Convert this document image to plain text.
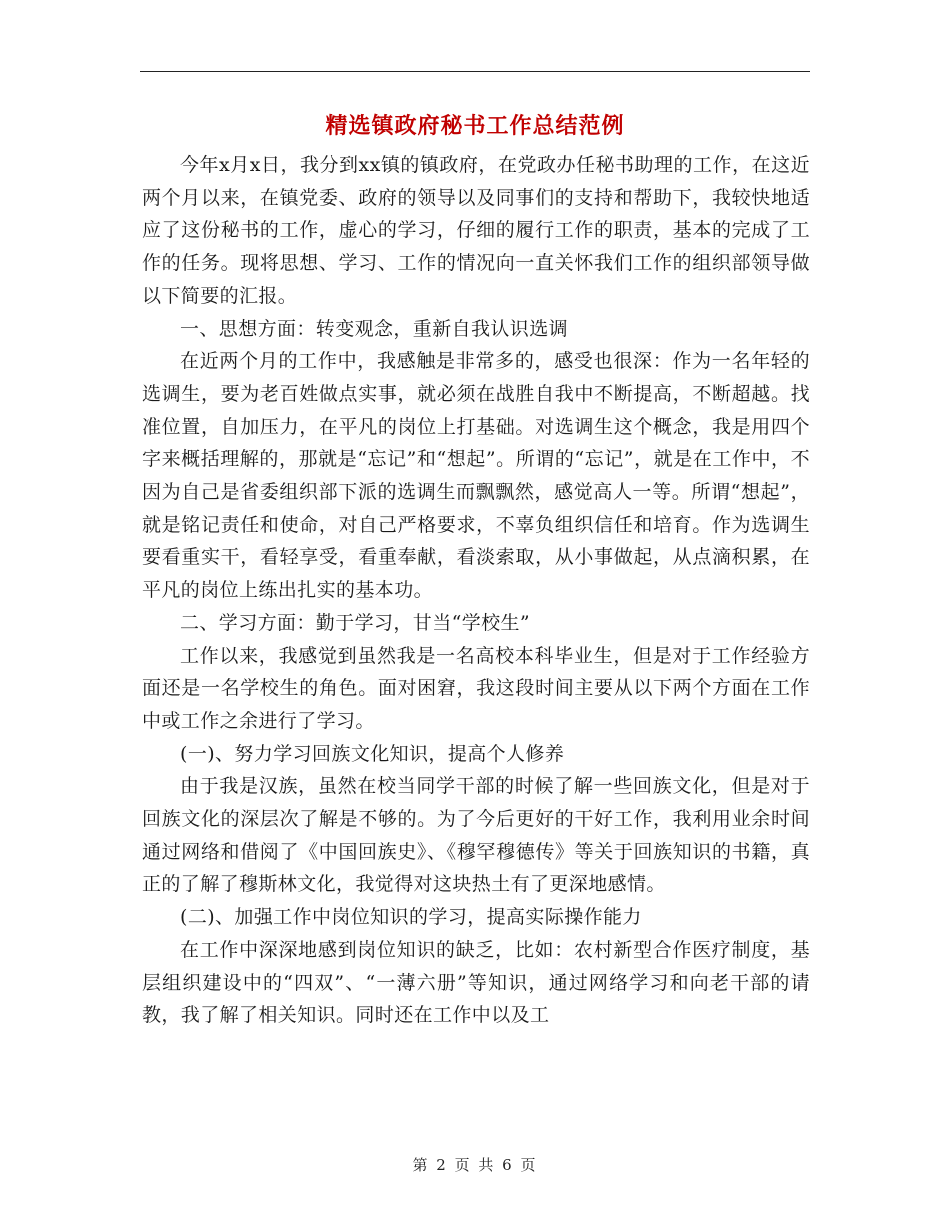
精选镇政府秘书工作总结范例

今年x月x日，我分到xx镇的镇政府，在党政办任秘书助理的工作，在这近两个月以来，在镇党委、政府的领导以及同事们的支持和帮助下，我较快地适应了这份秘书的工作，虚心的学习，仔细的履行工作的职责，基本的完成了工作的任务。现将思想、学习、工作的情况向一直关怀我们工作的组织部领导做以下简要的汇报。

一、思想方面：转变观念，重新自我认识选调

在近两个月的工作中，我感触是非常多的，感受也很深：作为一名年轻的选调生，要为老百姓做点实事，就必须在战胜自我中不断提高，不断超越。找准位置，自加压力，在平凡的岗位上打基础。对选调生这个概念，我是用四个字来概括理解的，那就是“忘记”和“想起”。所谓的“忘记”，就是在工作中，不因为自己是省委组织部下派的选调生而飘飘然，感觉高人一等。所谓“想起”，就是铭记责任和使命，对自己严格要求，不辜负组织信任和培育。作为选调生要看重实干，看轻享受，看重奉献，看淡索取，从小事做起，从点滴积累，在平凡的岗位上练出扎实的基本功。

二、学习方面：勤于学习，甘当“学校生”

工作以来，我感觉到虽然我是一名高校本科毕业生，但是对于工作经验方面还是一名学校生的角色。面对困窘，我这段时间主要从以下两个方面在工作中或工作之余进行了学习。

(一)、努力学习回族文化知识，提高个人修养

由于我是汉族，虽然在校当同学干部的时候了解一些回族文化，但是对于回族文化的深层次了解是不够的。为了今后更好的干好工作，我利用业余时间通过网络和借阅了《中国回族史》、《穆罕穆德传》等关于回族知识的书籍，真正的了解了穆斯林文化，我觉得对这块热土有了更深地感情。

(二)、加强工作中岗位知识的学习，提高实际操作能力

在工作中深深地感到岗位知识的缺乏，比如：农村新型合作医疗制度，基层组织建设中的“四双”、“一薄六册”等知识，通过网络学习和向老干部的请教，我了解了相关知识。同时还在工作中以及工

第 2 页 共 6 页
